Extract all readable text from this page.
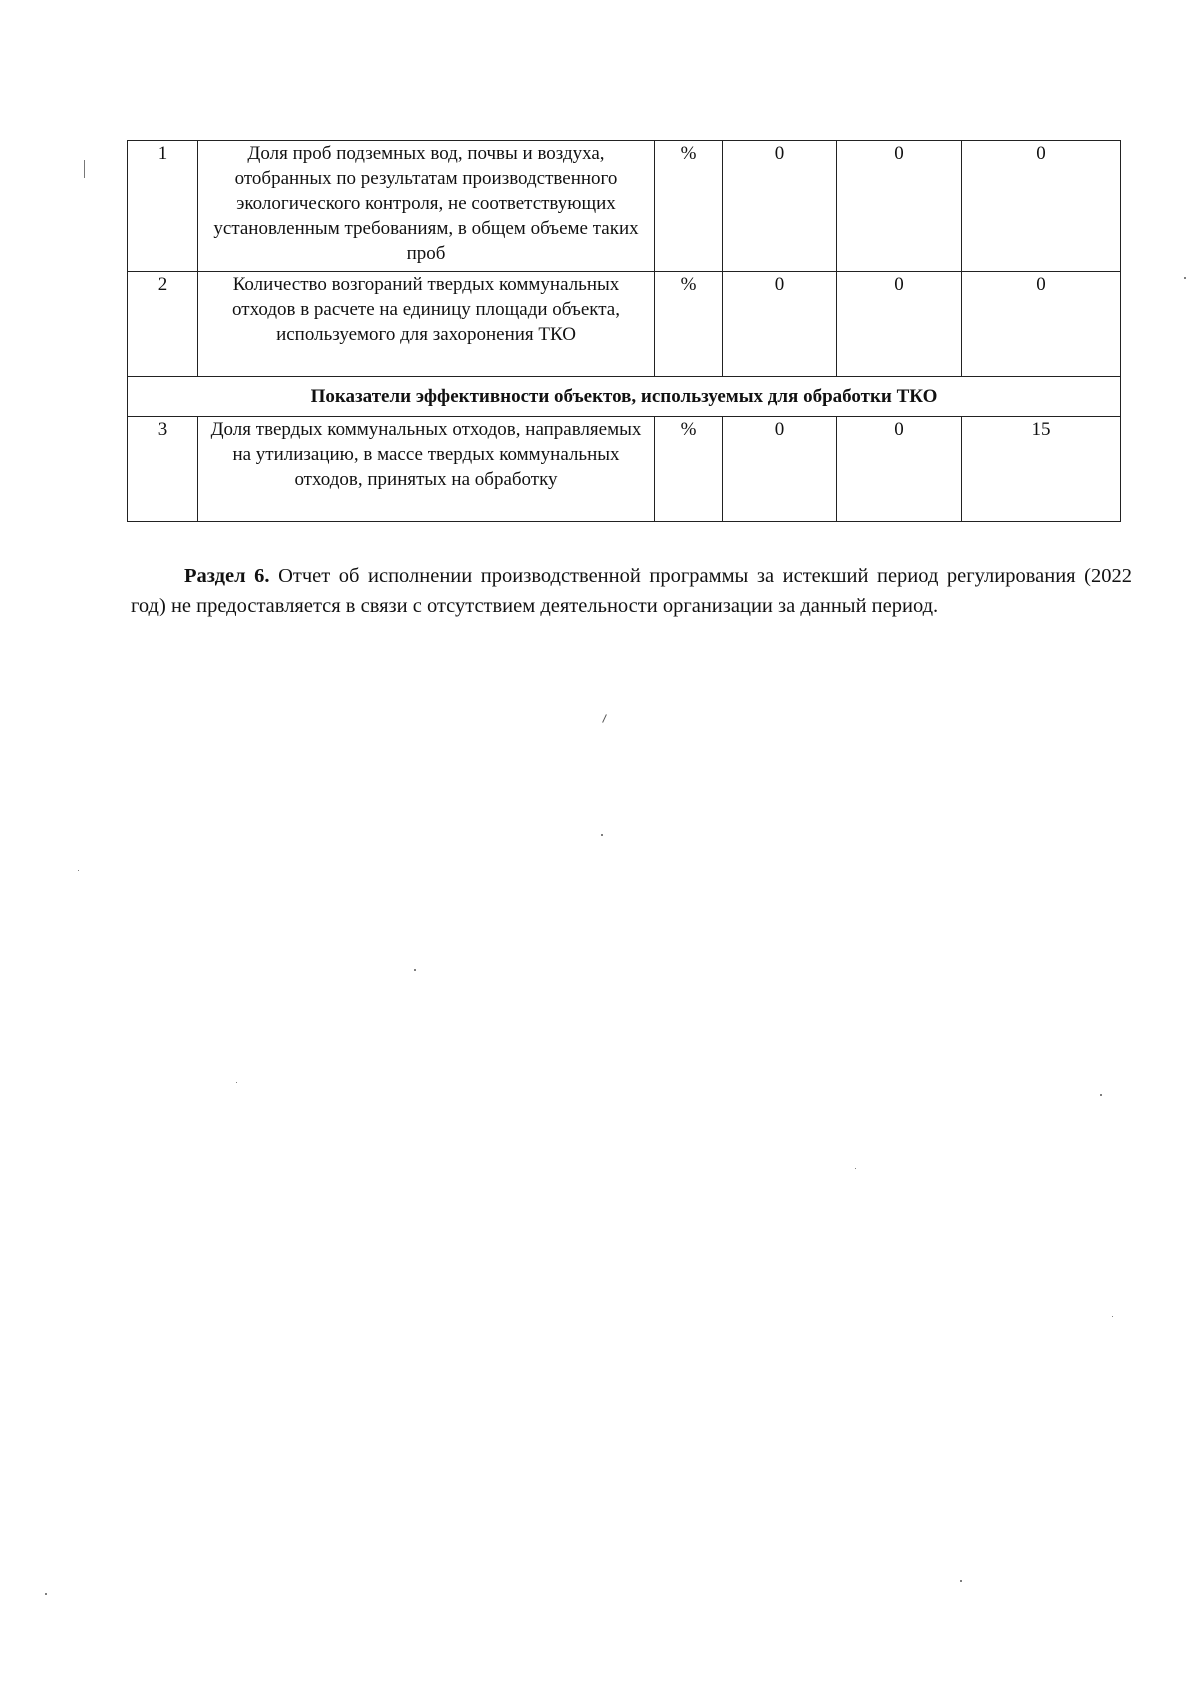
1	Доля проб подземных вод, почвы и воздуха, отобранных по результатам производственного экологического контроля, не соответствующих установленным требованиям, в общем объеме таких проб	%	0	0	0
2	Количество возгораний твердых коммунальных отходов в расчете на единицу площади объекта, используемого для захоронения ТКО	%	0	0	0
Показатели эффективности объектов, используемых для обработки ТКО					
3	Доля твердых коммунальных отходов, направляемых на утилизацию, в массе твердых коммунальных отходов, принятых на обработку	%	0	0	15

Раздел 6. Отчет об исполнении производственной программы за истекший период регулирования (2022 год) не предоставляется в связи с отсутствием деятельности организации за данный период.
